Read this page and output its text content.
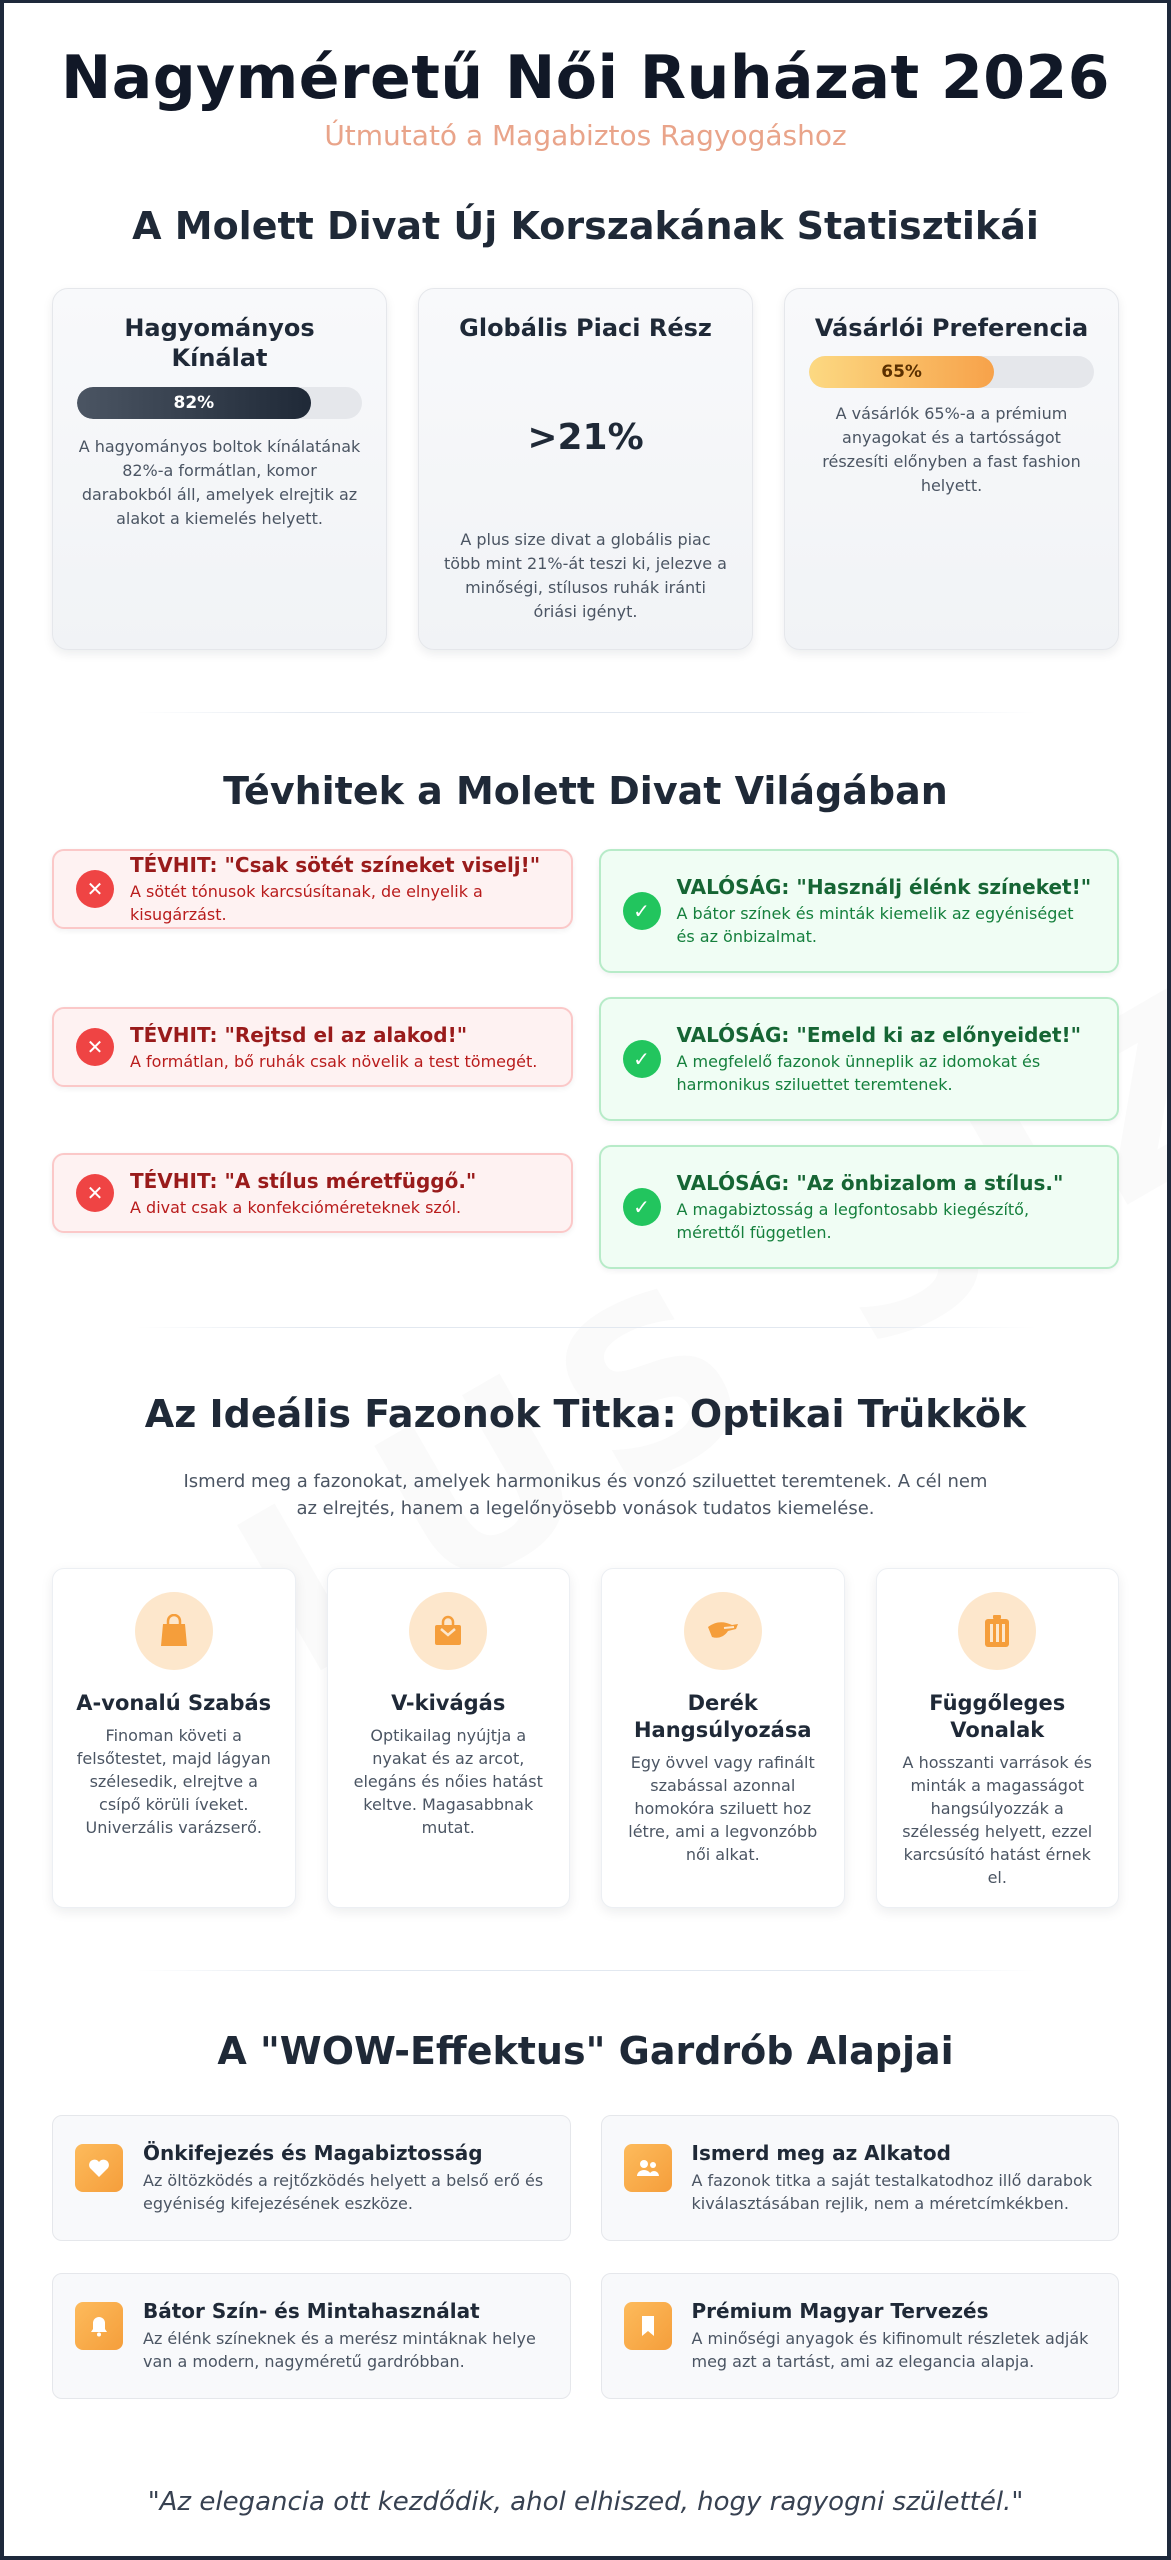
Nagyméretű Női Ruházat 2026
Útmutató a Magabiztos Ragyogáshoz
A Molett Divat Új Korszakának Statisztikái
Hagyományos Kínálat
82%

A hagyományos boltok kínálatának 82%-a formátlan, komor darabokból áll, amelyek elrejtik az alakot a kiemelés helyett.

Globális Piaci Rész
>21%

A plus size divat a globális piac több mint 21%-át teszi ki, jelezve a minőségi, stílusos ruhák iránti óriási igényt.

Vásárlói Preferencia
65%

A vásárlók 65%-a a prémium anyagokat és a tartósságot részesíti előnyben a fast fashion helyett.

Tévhitek a Molett Divat Világában
✕
TÉVHIT: "Csak sötét színeket viselj!"

A sötét tónusok karcsúsítanak, de elnyelik a kisugárzást.

✕
TÉVHIT: "Rejtsd el az alakod!"

A formátlan, bő ruhák csak növelik a test tömegét.

✕
TÉVHIT: "A stílus méretfüggő."

A divat csak a konfekcióméreteknek szól.

✓
VALÓSÁG: "Használj élénk színeket!"

A bátor színek és minták kiemelik az egyéniséget és az önbizalmat.

✓
VALÓSÁG: "Emeld ki az előnyeidet!"

A megfelelő fazonok ünneplik az idomokat és harmonikus sziluettet teremtenek.

✓
VALÓSÁG: "Az önbizalom a stílus."

A magabiztosság a legfontosabb kiegészítő, mérettől független.

Az Ideális Fazonok Titka: Optikai Trükkök

Ismerd meg a fazonokat, amelyek harmonikus és vonzó sziluettet teremtenek. A cél nem az elrejtés, hanem a legelőnyösebb vonások tudatos kiemelése.

A-vonalú Szabás

Finoman követi a felsőtestet, majd lágyan szélesedik, elrejtve a csípő körüli íveket. Univerzális varázserő.

V-kivágás

Optikailag nyújtja a nyakat és az arcot, elegáns és nőies hatást keltve. Magasabbnak mutat.

Derék Hangsúlyozása

Egy övvel vagy rafinált szabással azonnal homokóra sziluett hoz létre, ami a legvonzóbb női alkat.

Függőleges Vonalak

A hosszanti varrások és minták a magasságot hangsúlyozzák a szélesség helyett, ezzel karcsúsító hatást érnek el.

A "WOW-Effektus" Gardrób Alapjai
Önkifejezés és Magabiztosság

Az öltözködés a rejtőzködés helyett a belső erő és egyéniség kifejezésének eszköze.

Ismerd meg az Alkatod

A fazonok titka a saját testalkatodhoz illő darabok kiválasztásában rejlik, nem a méretcímkékben.

Bátor Szín- és Mintahasználat

Az élénk színeknek és a merész mintáknak helye van a modern, nagyméretű gardróbban.

Prémium Magyar Tervezés

A minőségi anyagok és kifinomult részletek adják meg azt a tartást, ami az elegancia alapja.

"Az elegancia ott kezdődik, ahol elhiszed, hogy ragyogni születtél."
